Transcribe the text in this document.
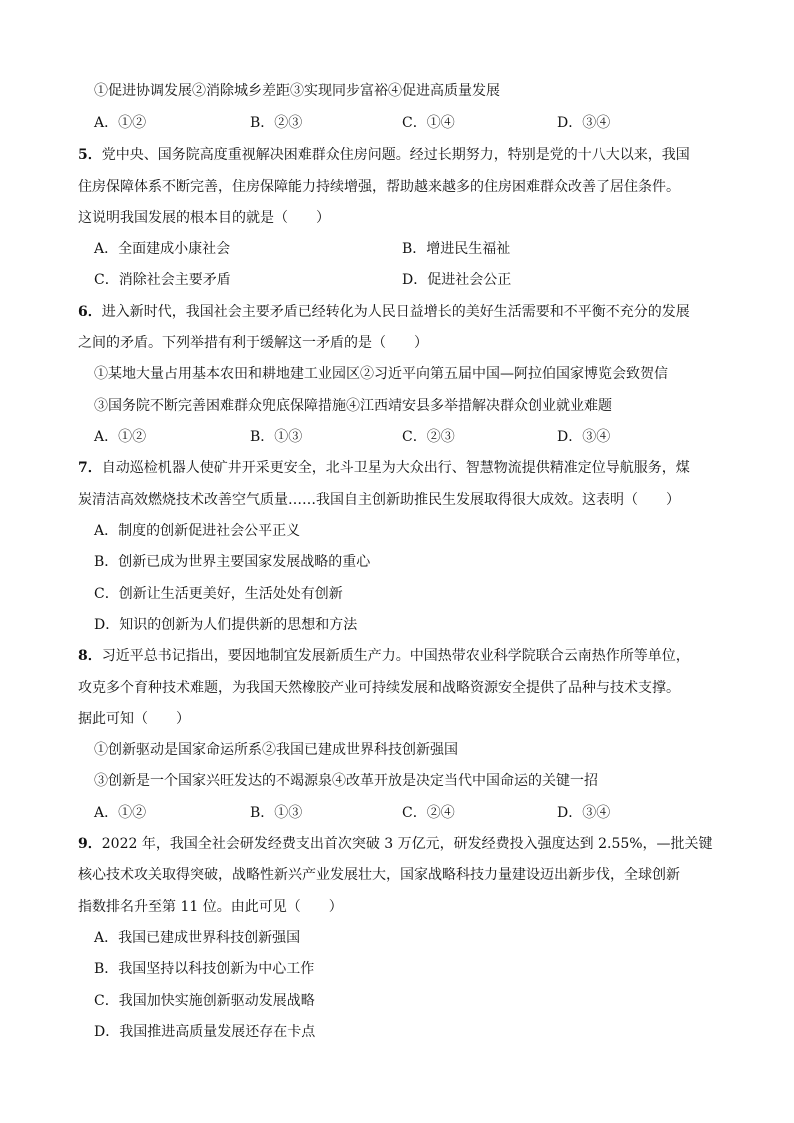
①促进协调发展②消除城乡差距③实现同步富裕④促进高质量发展
A．①②	B．②③	C．①④	D．③④
5．党中央、国务院高度重视解决困难群众住房问题。经过长期努力，特别是党的十八大以来，我国
住房保障体系不断完善，住房保障能力持续增强，帮助越来越多的住房困难群众改善了居住条件。
这说明我国发展的根本目的就是（　　）
A．全面建成小康社会	B．增进民生福祉
C．消除社会主要矛盾	D．促进社会公正
6．进入新时代，我国社会主要矛盾已经转化为人民日益增长的美好生活需要和不平衡不充分的发展
之间的矛盾。下列举措有利于缓解这一矛盾的是（　　）
①某地大量占用基本农田和耕地建工业园区②习近平向第五届中国—阿拉伯国家博览会致贺信
③国务院不断完善困难群众兜底保障措施④江西靖安县多举措解决群众创业就业难题
A．①②	B．①③	C．②③	D．③④
7．自动巡检机器人使矿井开采更安全，北斗卫星为大众出行、智慧物流提供精准定位导航服务，煤
炭清洁高效燃烧技术改善空气质量……我国自主创新助推民生发展取得很大成效。这表明（　　）
A．制度的创新促进社会公平正义
B．创新已成为世界主要国家发展战略的重心
C．创新让生活更美好，生活处处有创新
D．知识的创新为人们提供新的思想和方法
8．习近平总书记指出，要因地制宜发展新质生产力。中国热带农业科学院联合云南热作所等单位，
攻克多个育种技术难题，为我国天然橡胶产业可持续发展和战略资源安全提供了品种与技术支撑。
据此可知（　　）
①创新驱动是国家命运所系②我国已建成世界科技创新强国
③创新是一个国家兴旺发达的不竭源泉④改革开放是决定当代中国命运的关键一招
A．①②	B．①③	C．②④	D．③④
9．2022 年，我国全社会研发经费支出首次突破 3 万亿元，研发经费投入强度达到 2.55%，—批关键
核心技术攻关取得突破，战略性新兴产业发展壮大，国家战略科技力量建设迈出新步伐，全球创新
指数排名升至第 11 位。由此可见（　　）
A．我国已建成世界科技创新强国
B．我国坚持以科技创新为中心工作
C．我国加快实施创新驱动发展战略
D．我国推进高质量发展还存在卡点
